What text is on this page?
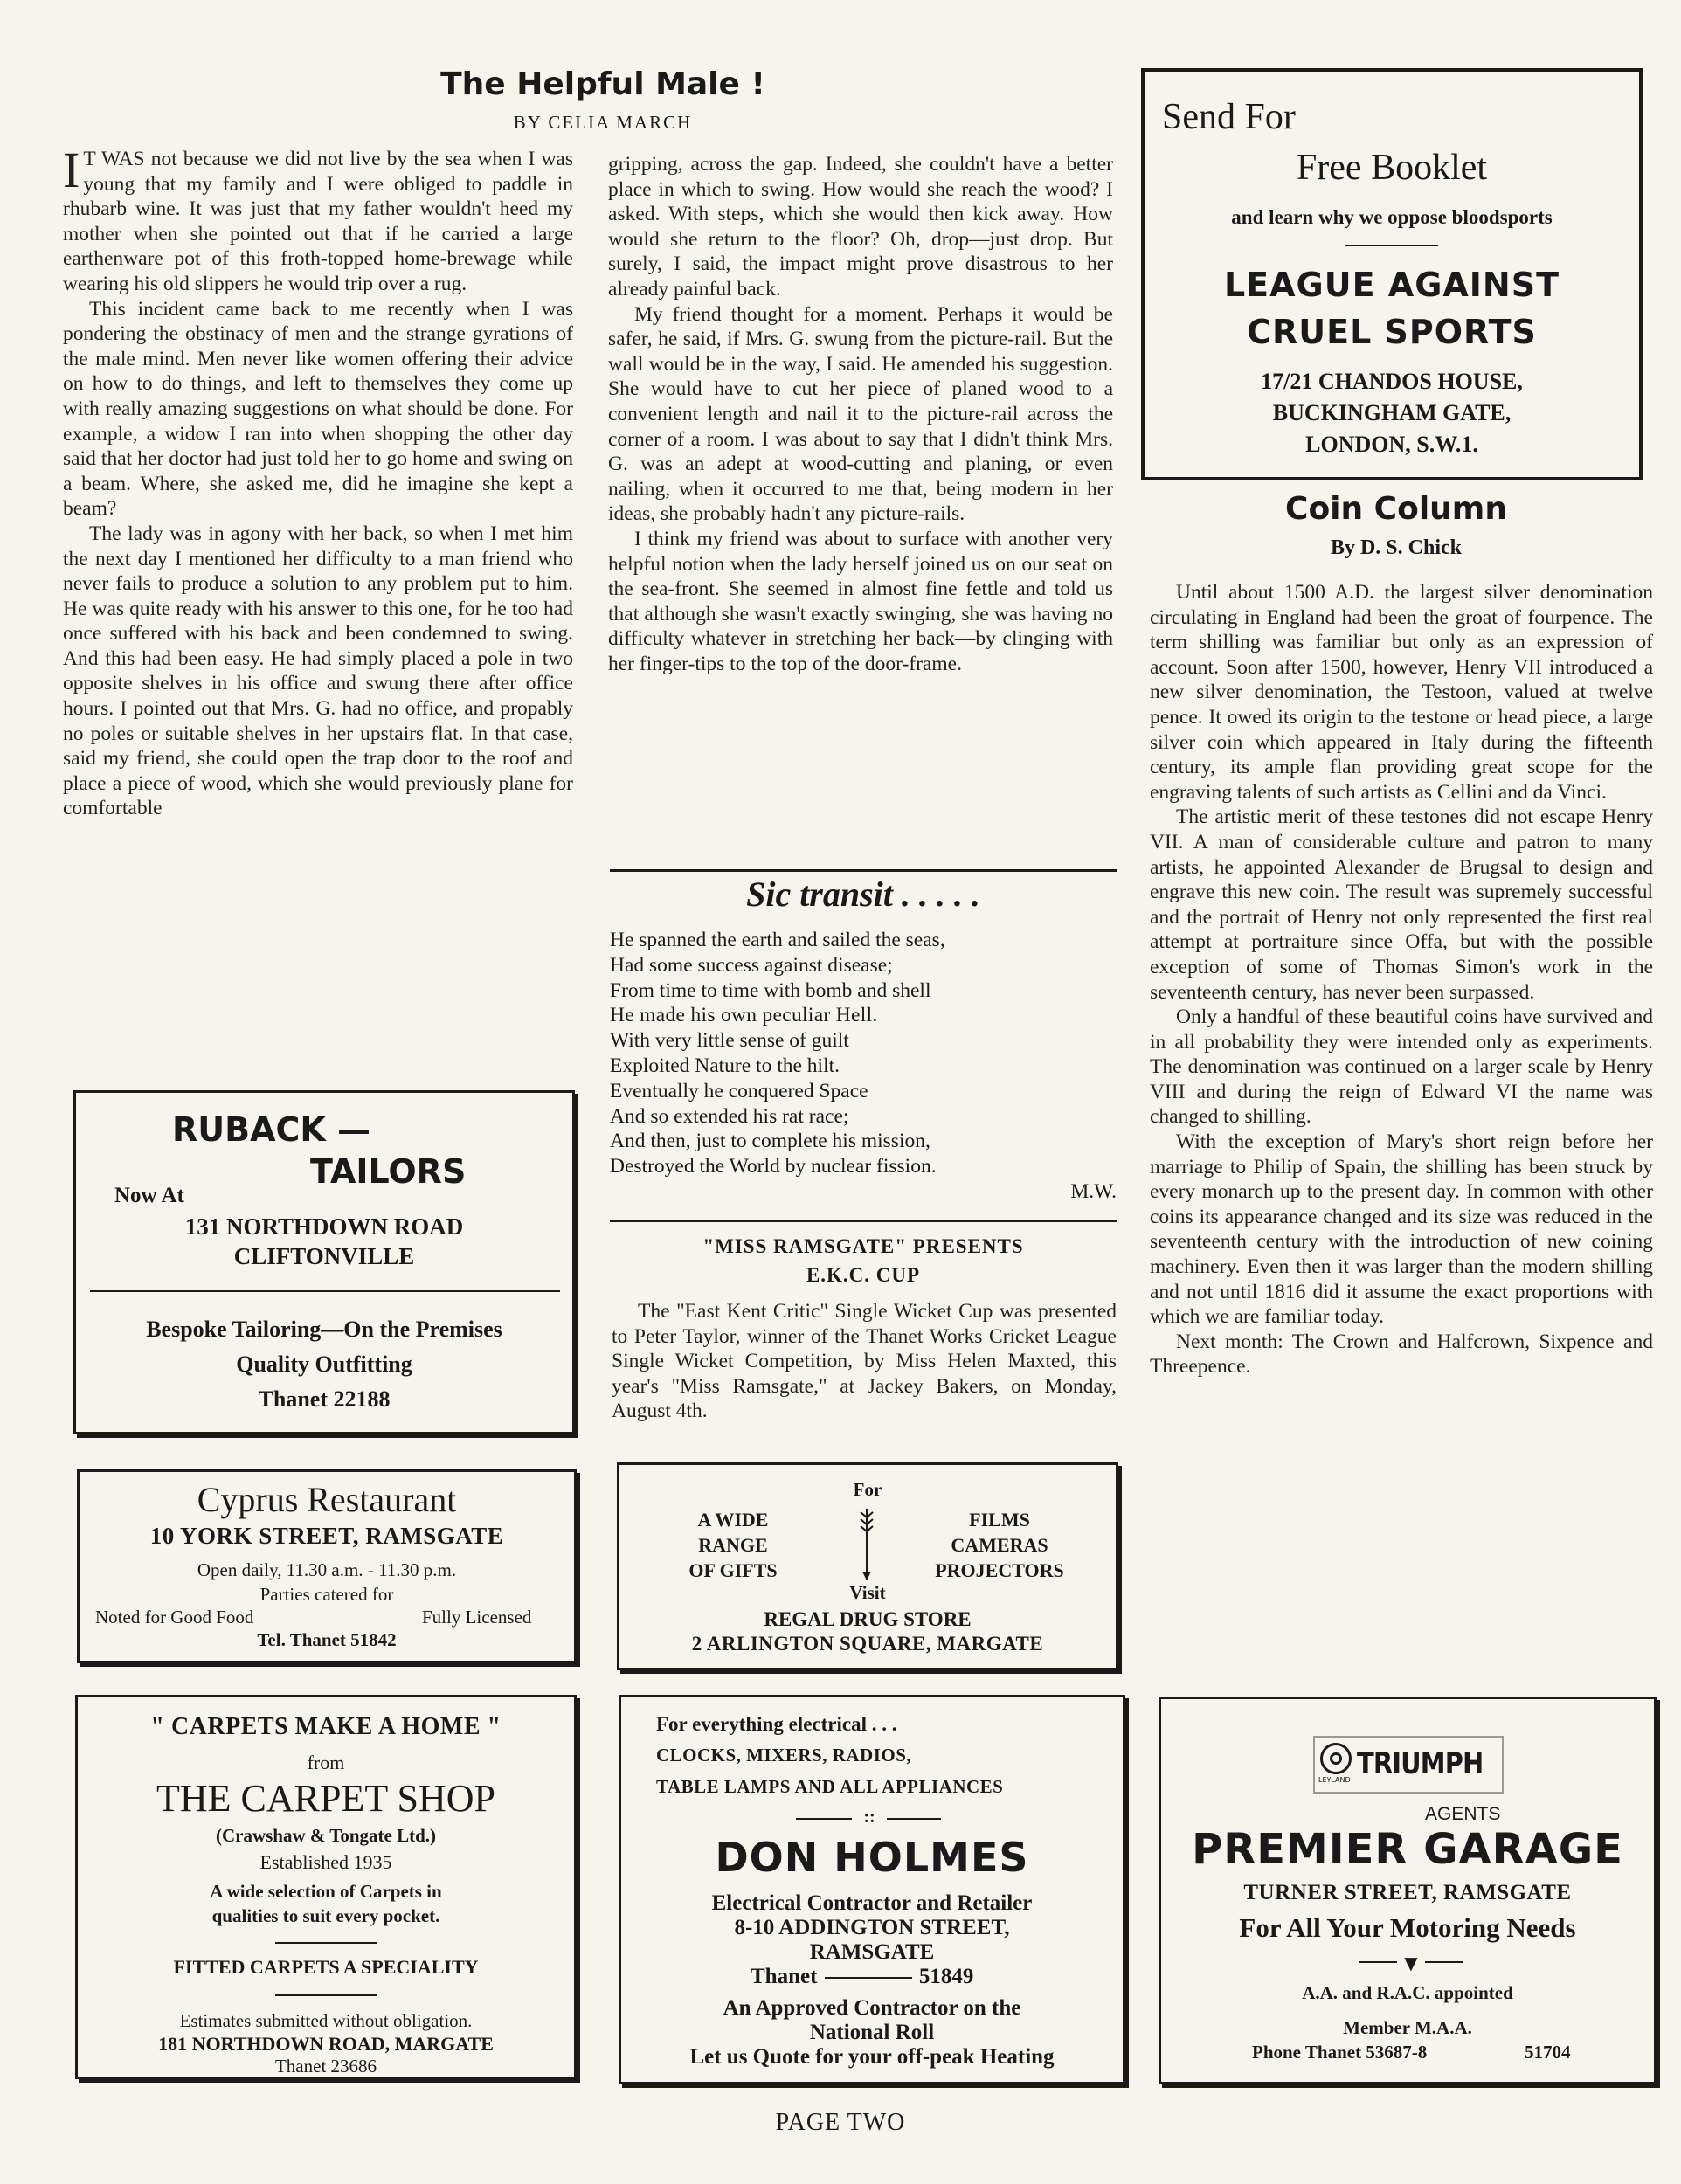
The Helpful Male !
BY CELIA MARCH

I T WAS not because we did not live by the sea when I was young that my family and I were obliged to paddle in rhubarb wine. It was just that my father wouldn't heed my mother when she pointed out that if he carried a large earthenware pot of this froth-topped home-brewage while wearing his old slippers he would trip over a rug.

This incident came back to me recently when I was pondering the obstinacy of men and the strange gyrations of the male mind. Men never like women offering their advice on how to do things, and left to themselves they come up with really amazing suggestions on what should be done. For example, a widow I ran into when shopping the other day said that her doctor had just told her to go home and swing on a beam. Where, she asked me, did he imagine she kept a beam?

The lady was in agony with her back, so when I met him the next day I mentioned her difficulty to a man friend who never fails to produce a solution to any problem put to him. He was quite ready with his answer to this one, for he too had once suffered with his back and been condemned to swing. And this had been easy. He had simply placed a pole in two opposite shelves in his office and swung there after office hours. I pointed out that Mrs. G. had no office, and propably no poles or suitable shelves in her upstairs flat. In that case, said my friend, she could open the trap door to the roof and place a piece of wood, which she would previously plane for comfortable

gripping, across the gap. Indeed, she couldn't have a better place in which to swing. How would she reach the wood? I asked. With steps, which she would then kick away. How would she return to the floor? Oh, drop—just drop. But surely, I said, the impact might prove disastrous to her already painful back.

My friend thought for a moment. Perhaps it would be safer, he said, if Mrs. G. swung from the picture-rail. But the wall would be in the way, I said. He amended his suggestion. She would have to cut her piece of planed wood to a convenient length and nail it to the picture-rail across the corner of a room. I was about to say that I didn't think Mrs. G. was an adept at wood-cutting and planing, or even nailing, when it occurred to me that, being modern in her ideas, she probably hadn't any picture-rails.

I think my friend was about to surface with another very helpful notion when the lady herself joined us on our seat on the sea-front. She seemed in almost fine fettle and told us that although she wasn't exactly swinging, she was having no difficulty whatever in stretching her back—by clinging with her finger-tips to the top of the door-frame.

Sic transit . . . . .

He spanned the earth and sailed the seas,

Had some success against disease;

From time to time with bomb and shell

He made his own peculiar Hell.

With very little sense of guilt

Exploited Nature to the hilt.

Eventually he conquered Space

And so extended his rat race;

And then, just to complete his mission,

Destroyed the World by nuclear fission.

M.W.

"MISS RAMSGATE" PRESENTS
E.K.C. CUP
The "East Kent Critic" Single Wicket Cup was presented to Peter Taylor, winner of the Thanet Works Cricket League Single Wicket Competition, by Miss Helen Maxted, this year's "Miss Ramsgate," at Jackey Bakers, on Monday, August 4th.
Send For
Free Booklet
and learn why we oppose bloodsports
LEAGUE AGAINST
CRUEL SPORTS
17/21 CHANDOS HOUSE,
BUCKINGHAM GATE,
LONDON, S.W.1.
Coin Column
By D. S. Chick

Until about 1500 A.D. the largest silver denomination circulating in England had been the groat of fourpence. The term shilling was familiar but only as an expression of account. Soon after 1500, however, Henry VII introduced a new silver denomination, the Testoon, valued at twelve pence. It owed its origin to the testone or head piece, a large silver coin which appeared in Italy during the fifteenth century, its ample flan providing great scope for the engraving talents of such artists as Cellini and da Vinci.

The artistic merit of these testones did not escape Henry VII. A man of considerable culture and patron to many artists, he appointed Alexander de Brugsal to design and engrave this new coin. The result was supremely successful and the portrait of Henry not only represented the first real attempt at portraiture since Offa, but with the possible exception of some of Thomas Simon's work in the seventeenth century, has never been surpassed.

Only a handful of these beautiful coins have survived and in all probability they were intended only as experiments. The denomination was continued on a larger scale by Henry VIII and during the reign of Edward VI the name was changed to shilling.

With the exception of Mary's short reign before her marriage to Philip of Spain, the shilling has been struck by every monarch up to the present day. In common with other coins its appearance changed and its size was reduced in the seventeenth century with the introduction of new coining machinery. Even then it was larger than the modern shilling and not until 1816 did it assume the exact proportions with which we are familiar today.

Next month: The Crown and Halfcrown, Sixpence and Threepence.

RUBACK —
TAILORS
Now At
131 NORTHDOWN ROAD
CLIFTONVILLE
Bespoke Tailoring—On the Premises
Quality Outfitting
Thanet 22188
Cyprus Restaurant
10 YORK STREET, RAMSGATE
Open daily, 11.30 a.m. - 11.30 p.m.
Parties catered for
Noted for Good Food	Fully Licensed
Tel. Thanet 51842
For
A WIDE
RANGE
OF GIFTS
FILMS
CAMERAS
PROJECTORS
Visit
REGAL DRUG STORE
2 ARLINGTON SQUARE, MARGATE
" CARPETS MAKE A HOME "
from
THE CARPET SHOP
(Crawshaw & Tongate Ltd.)
Established 1935
A wide selection of Carpets in
qualities to suit every pocket.
FITTED CARPETS A SPECIALITY
Estimates submitted without obligation.
181 NORTHDOWN ROAD, MARGATE
Thanet 23686
For everything electrical . . .
CLOCKS, MIXERS, RADIOS,
TABLE LAMPS AND ALL APPLIANCES
::
DON HOLMES
Electrical Contractor and Retailer
8-10 ADDINGTON STREET,
RAMSGATE
Thanet	51849
An Approved Contractor on the
National Roll
Let us Quote for your off-peak Heating
LEYLAND TRIUMPH
AGENTS
PREMIER GARAGE
TURNER STREET, RAMSGATE
For All Your Motoring Needs
▼
A.A. and R.A.C. appointed
Member M.A.A.
Phone Thanet 53687-8	51704
PAGE TWO
